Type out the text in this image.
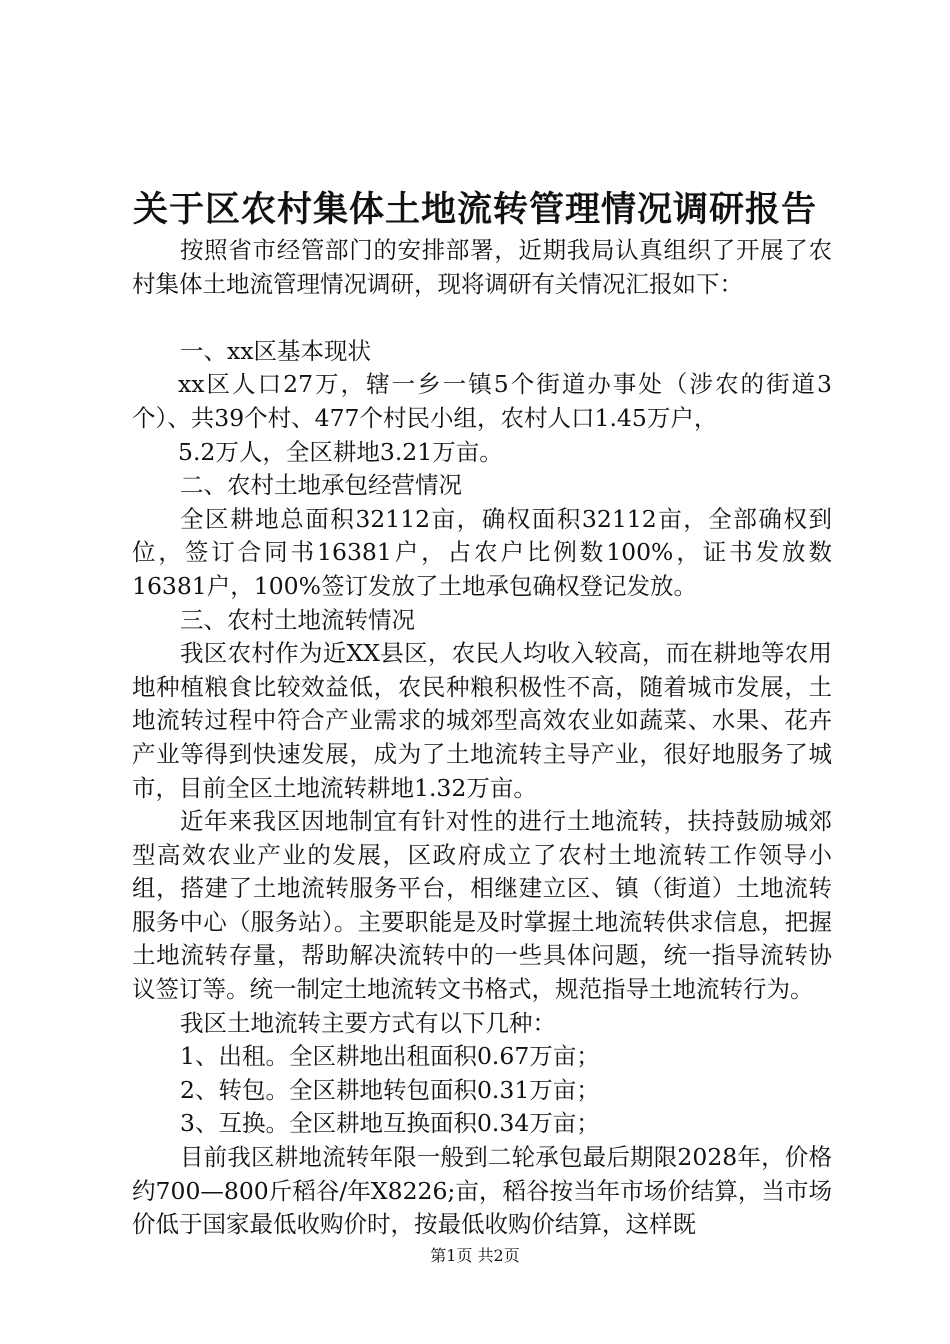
关于区农村集体土地流转管理情况调研报告

按照省市经管部门的安排部署，近期我局认真组织了开展了农村集体土地流管理情况调研，现将调研有关情况汇报如下：

一、xx区基本现状

xx区人口27万，辖一乡一镇5个街道办事处（涉农的街道3个）、共39个村、477个村民小组，农村人口1.45万户，

5.2万人，全区耕地3.21万亩。

二、农村土地承包经营情况

全区耕地总面积32112亩，确权面积32112亩，全部确权到位，签订合同书16381户，占农户比例数100%，证书发放数16381户，100%签订发放了土地承包确权登记发放。

三、农村土地流转情况

我区农村作为近XX县区，农民人均收入较高，而在耕地等农用地种植粮食比较效益低，农民种粮积极性不高，随着城市发展，土地流转过程中符合产业需求的城郊型高效农业如蔬菜、水果、花卉产业等得到快速发展，成为了土地流转主导产业，很好地服务了城市，目前全区土地流转耕地1.32万亩。

近年来我区因地制宜有针对性的进行土地流转，扶持鼓励城郊型高效农业产业的发展，区政府成立了农村土地流转工作领导小组，搭建了土地流转服务平台，相继建立区、镇（街道）土地流转服务中心（服务站）。主要职能是及时掌握土地流转供求信息，把握土地流转存量，帮助解决流转中的一些具体问题，统一指导流转协议签订等。统一制定土地流转文书格式，规范指导土地流转行为。

我区土地流转主要方式有以下几种：

1、出租。全区耕地出租面积0.67万亩；

2、转包。全区耕地转包面积0.31万亩；

3、互换。全区耕地互换面积0.34万亩；

目前我区耕地流转年限一般到二轮承包最后期限2028年，价格约700—800斤稻谷/年X8226;亩，稻谷按当年市场价结算，当市场价低于国家最低收购价时，按最低收购价结算，这样既

第1页 共2页
